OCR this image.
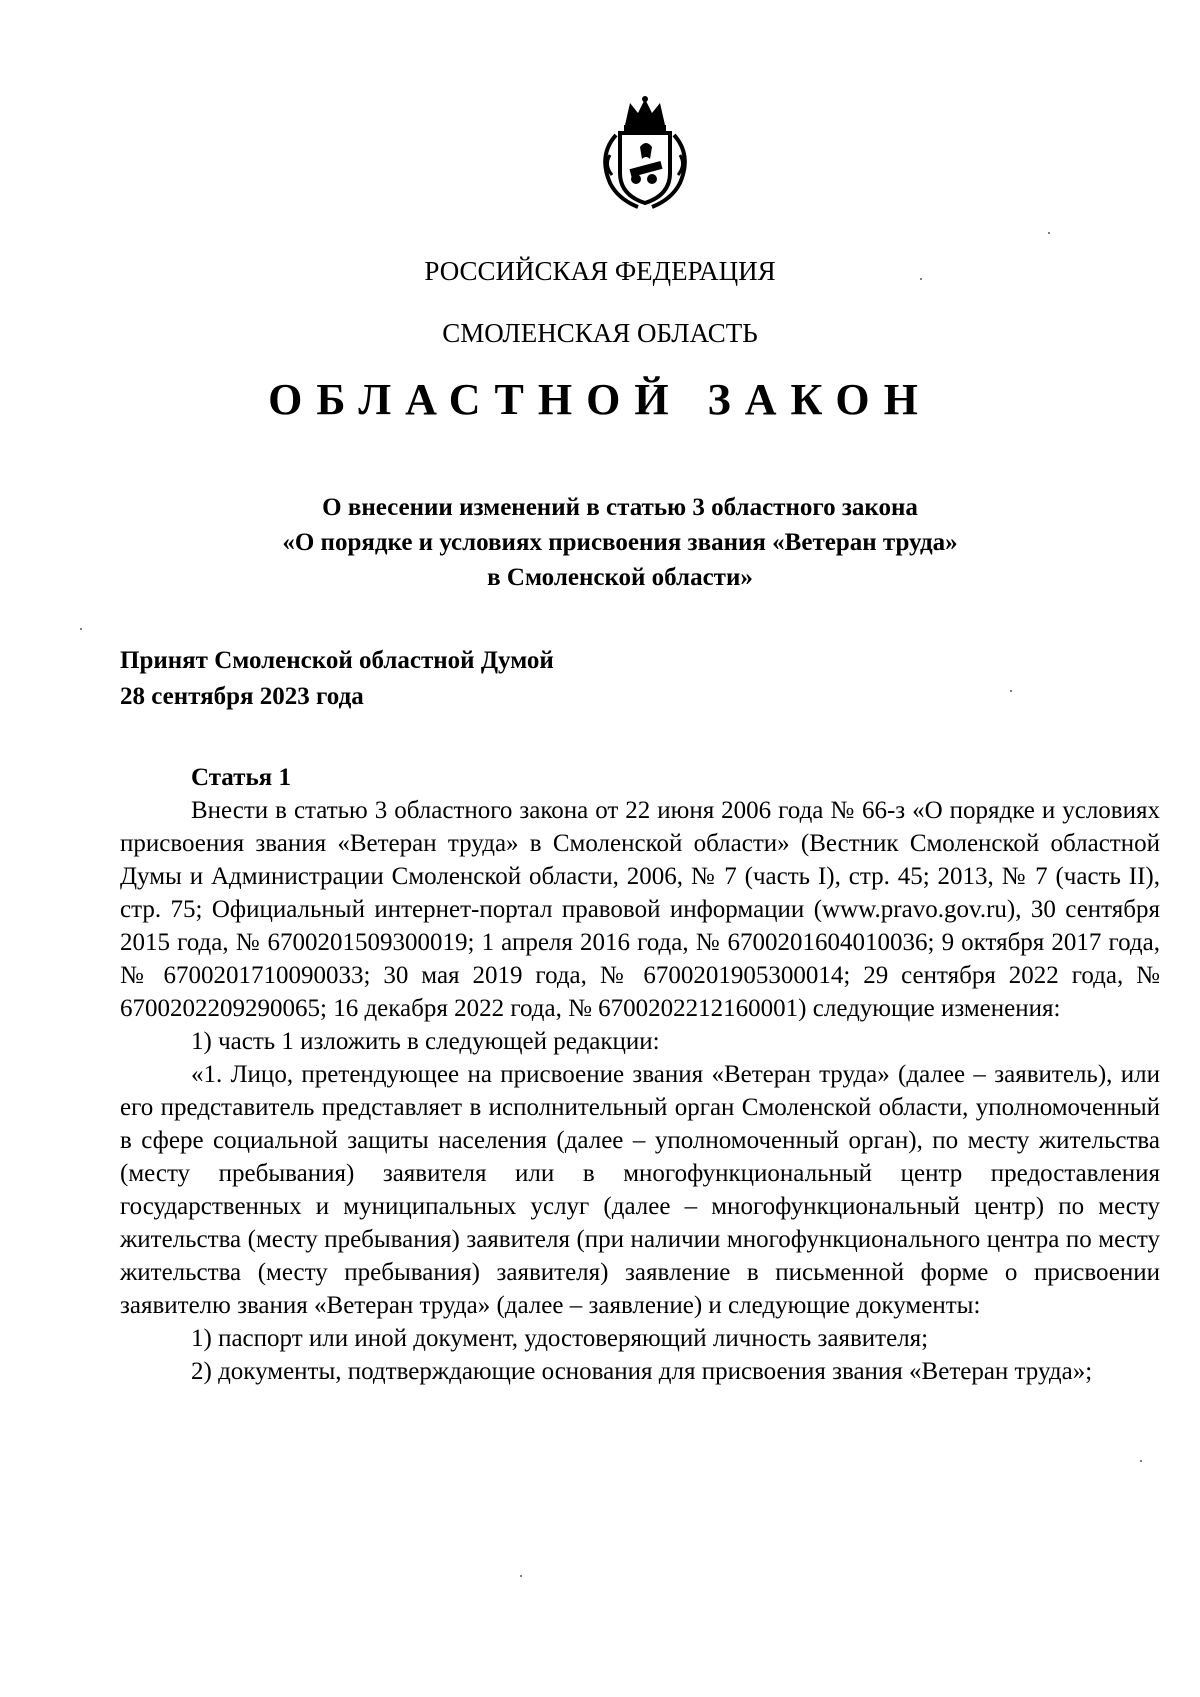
РОССИЙСКАЯ ФЕДЕРАЦИЯ
СМОЛЕНСКАЯ ОБЛАСТЬ
ОБЛАСТНОЙ ЗАКОН
О внесении изменений в статью 3 областного закона
«О порядке и условиях присвоения звания «Ветеран труда»
в Смоленской области»
Принят Смоленской областной Думой
28 сентября 2023 года
Статья 1
Внести в статью 3 областного закона от 22 июня 2006 года № 66-з «О порядке и условиях присвоения звания «Ветеран труда» в Смоленской области» (Вестник Смоленской областной Думы и Администрации Смоленской области, 2006, № 7 (часть I), стр. 45; 2013, № 7 (часть II), стр. 75; Официальный интернет-портал правовой информации (www.pravo.gov.ru), 30 сентября 2015 года, № 6700201509300019; 1 апреля 2016 года, № 6700201604010036; 9 октября 2017 года, № 6700201710090033; 30 мая 2019 года, № 6700201905300014; 29 сентября 2022 года, № 6700202209290065; 16 декабря 2022 года, № 6700202212160001) следующие изменения:
1) часть 1 изложить в следующей редакции:
«1. Лицо, претендующее на присвоение звания «Ветеран труда» (далее – заявитель), или его представитель представляет в исполнительный орган Смоленской области, уполномоченный в сфере социальной защиты населения (далее – уполномоченный орган), по месту жительства (месту пребывания) заявителя или в многофункциональный центр предоставления государственных и муниципальных услуг (далее – многофункциональный центр) по месту жительства (месту пребывания) заявителя (при наличии многофункционального центра по месту жительства (месту пребывания) заявителя) заявление в письменной форме о присвоении заявителю звания «Ветеран труда» (далее – заявление) и следующие документы:
1) паспорт или иной документ, удостоверяющий личность заявителя;
2) документы, подтверждающие основания для присвоения звания «Ветеран труда»;
